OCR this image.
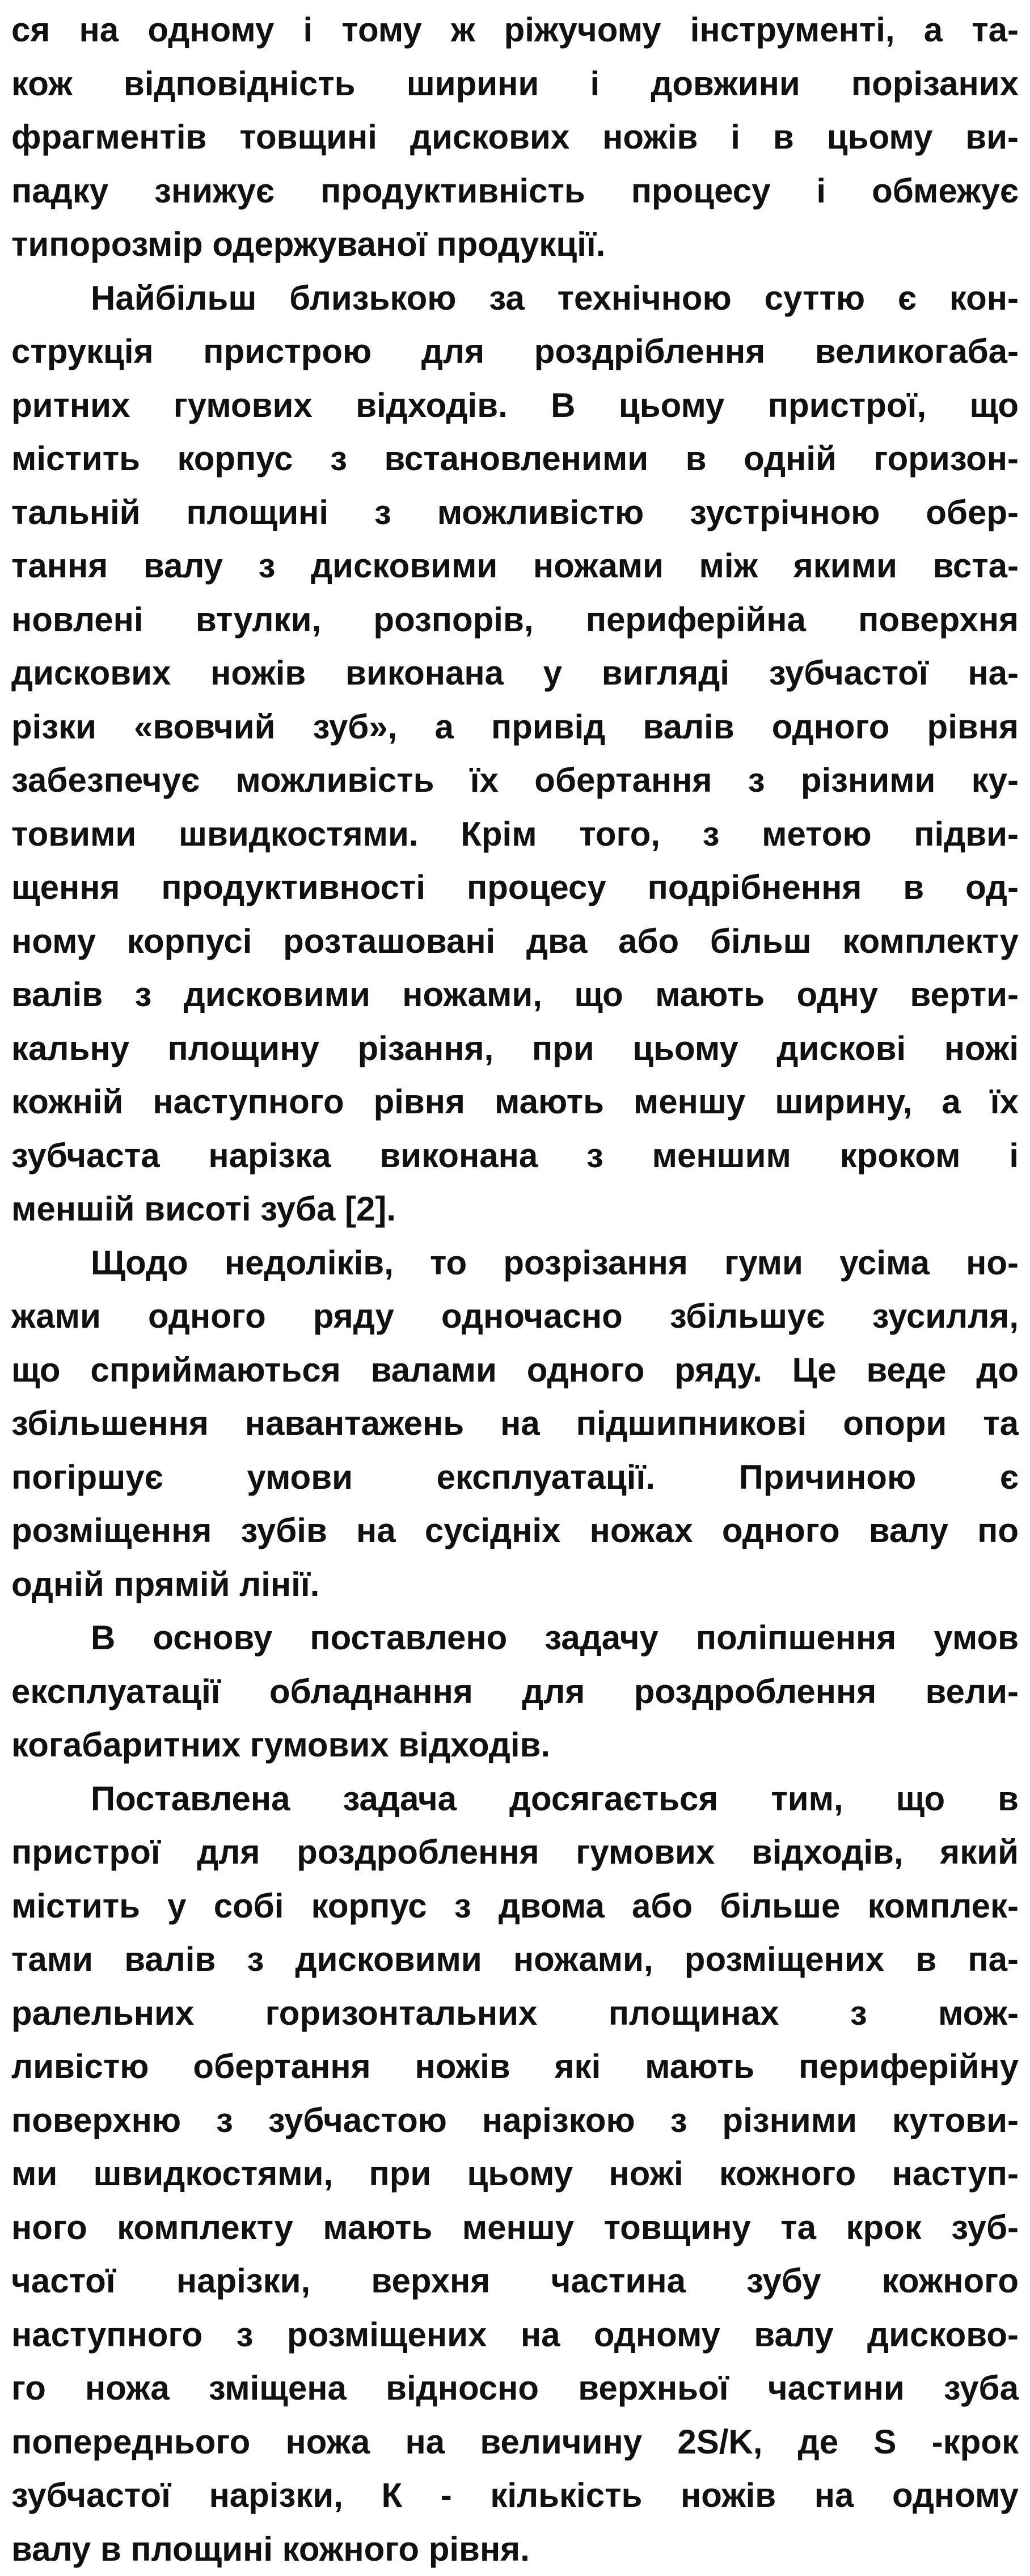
ся на одному і тому ж ріжучому інструменті, а та-
кож відповідність ширини і довжини порізаних
фрагментів товщині дискових ножів і в цьому ви-
падку знижує продуктивність процесу і обмежує
типорозмір одержуваної продукції.
Найбільш близькою за технічною суттю є кон-
струкція пристрою для роздріблення великогаба-
ритних гумових відходів. В цьому пристрої, що
містить корпус з встановленими в одній горизон-
тальній площині з можливістю зустрічною обер-
тання валу з дисковими ножами між якими вста-
новлені втулки, розпорів, периферійна поверхня
дискових ножів виконана у вигляді зубчастої на-
різки «вовчий зуб», а привід валів одного рівня
забезпечує можливість їх обертання з різними ку-
товими швидкостями. Крім того, з метою підви-
щення продуктивності процесу подрібнення в од-
ному корпусі розташовані два або більш комплекту
валів з дисковими ножами, що мають одну верти-
кальну площину різання, при цьому дискові ножі
кожній наступного рівня мають меншу ширину, а їх
зубчаста нарізка виконана з меншим кроком і
меншій висоті зуба [2].
Щодо недоліків, то розрізання гуми усіма но-
жами одного ряду одночасно збільшує зусилля,
що сприймаються валами одного ряду. Це веде до
збільшення навантажень на підшипникові опори та
погіршує умови експлуатації. Причиною є
розміщення зубів на сусідніх ножах одного валу по
одній прямій лінії.
В основу поставлено задачу поліпшення умов
експлуатації обладнання для роздроблення вели-
когабаритних гумових відходів.
Поставлена задача досягається тим, що в
пристрої для роздроблення гумових відходів, який
містить у собі корпус з двома або більше комплек-
тами валів з дисковими ножами, розміщених в па-
ралельних горизонтальних площинах з мож-
ливістю обертання ножів які мають периферійну
поверхню з зубчастою нарізкою з різними кутови-
ми швидкостями, при цьому ножі кожного наступ-
ного комплекту мають меншу товщину та крок зуб-
частої нарізки, верхня частина зубу кожного
наступного з розміщених на одному валу дисково-
го ножа зміщена відносно верхньої частини зуба
попереднього ножа на величину 2S/K, де S -крок
зубчастої нарізки, К - кількість ножів на одному
валу в площині кожного рівня.
